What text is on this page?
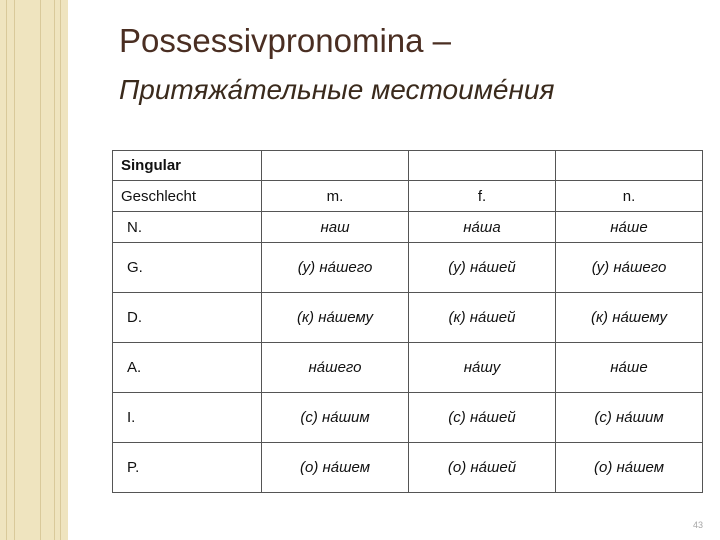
Possessivpronomina –
Притяжа́тельные местоиме́ния
Singular			
Geschlecht	m.	f.	n.
N.	наш	на́ша	на́ше
G.	(у) на́шего	(у) на́шей	(у) на́шего
D.	(к) на́шему	(к) на́шей	(к) на́шему
A.	на́шего	на́шу	на́ше
I.	(с) на́шим	(с) на́шей	(с) на́шим
P.	(о) на́шем	(о) на́шей	(о) на́шем
43
